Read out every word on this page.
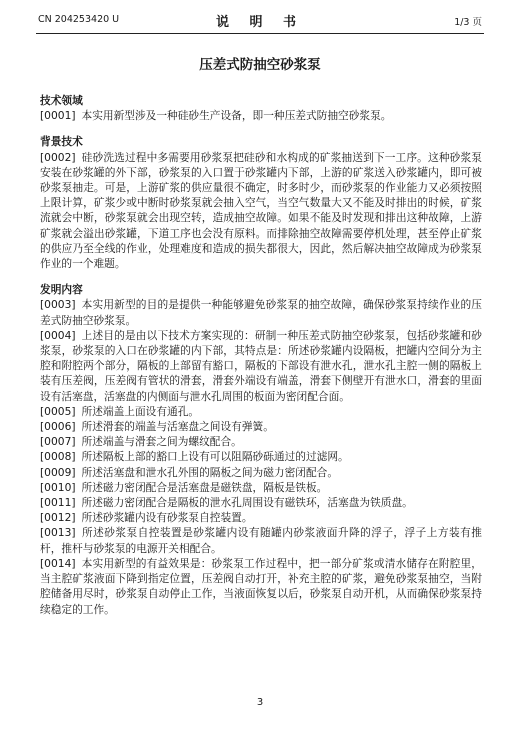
CN 204253420 U	说 明 书	1/3 页
压差式防抽空砂浆泵
技术领域

[0001] 本实用新型涉及一种硅砂生产设备，即一种压差式防抽空砂浆泵。

背景技术

[0002] 硅砂洗选过程中多需要用砂浆泵把硅砂和水构成的矿浆抽送到下一工序。这种砂浆泵安装在砂浆罐的外下部，砂浆泵的入口置于砂浆罐内下部，上游的矿浆送入砂浆罐内，即可被砂浆泵抽走。可是，上游矿浆的供应量很不确定，时多时少，而砂浆泵的作业能力又必须按照上限计算，矿浆少或中断时砂浆泵就会抽入空气，当空气数量大又不能及时排出的时候，矿浆流就会中断，砂浆泵就会出现空转，造成抽空故障。如果不能及时发现和排出这种故障，上游矿浆就会溢出砂浆罐，下道工序也会没有原料。而排除抽空故障需要停机处理，甚至停止矿浆的供应乃至全线的作业，处理难度和造成的损失都很大，因此，然后解决抽空故障成为砂浆泵作业的一个难题。

发明内容

[0003] 本实用新型的目的是提供一种能够避免砂浆泵的抽空故障，确保砂浆泵持续作业的压差式防抽空砂浆泵。

[0004] 上述目的是由以下技术方案实现的：研制一种压差式防抽空砂浆泵，包括砂浆罐和砂浆泵，砂浆泵的入口在砂浆罐的内下部，其特点是：所述砂浆罐内设隔板，把罐内空间分为主腔和附腔两个部分，隔板的上部留有豁口，隔板的下部设有泄水孔，泄水孔主腔一侧的隔板上装有压差阀，压差阀有管状的滑套，滑套外端设有端盖，滑套下侧壁开有泄水口，滑套的里面设有活塞盘，活塞盘的内侧面与泄水孔周围的板面为密闭配合面。

[0005] 所述端盖上面设有通孔。

[0006] 所述滑套的端盖与活塞盘之间设有弹簧。

[0007] 所述端盖与滑套之间为螺纹配合。

[0008] 所述隔板上部的豁口上设有可以阻隔砂砾通过的过滤网。

[0009] 所述活塞盘和泄水孔外围的隔板之间为磁力密闭配合。

[0010] 所述磁力密闭配合是活塞盘是磁铁盘，隔板是铁板。

[0011] 所述磁力密闭配合是隔板的泄水孔周围设有磁铁环，活塞盘为铁质盘。

[0012] 所述砂浆罐内设有砂浆泵自控装置。

[0013] 所述砂浆泵自控装置是砂浆罐内设有随罐内砂浆液面升降的浮子，浮子上方装有推杆，推杆与砂浆泵的电源开关相配合。

[0014] 本实用新型的有益效果是：砂浆泵工作过程中，把一部分矿浆或清水储存在附腔里，当主腔矿浆液面下降到指定位置，压差阀自动打开，补充主腔的矿浆，避免砂浆泵抽空，当附腔储备用尽时，砂浆泵自动停止工作，当液面恢复以后，砂浆泵自动开机，从而确保砂浆泵持续稳定的工作。

3
